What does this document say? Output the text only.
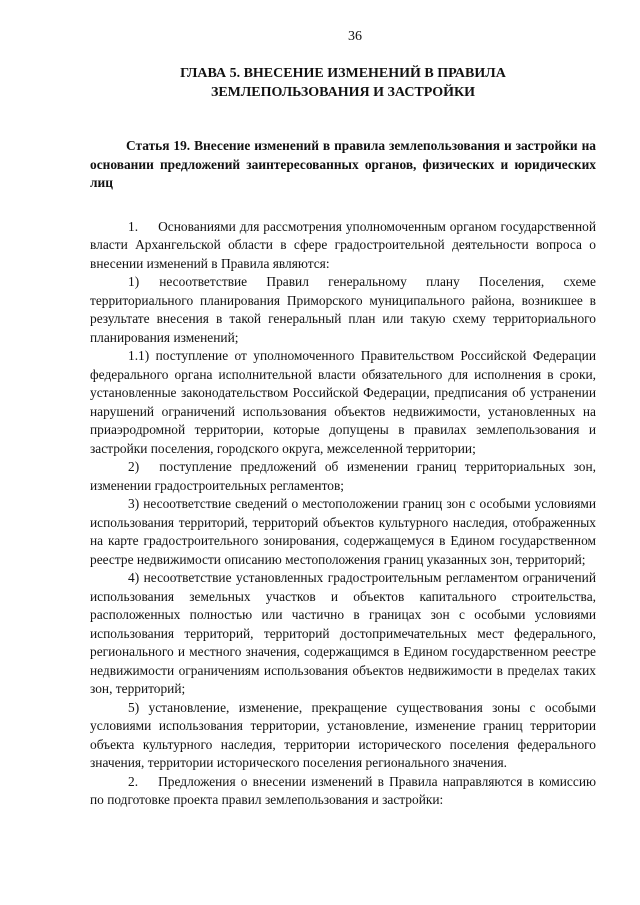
36
ГЛАВА 5. ВНЕСЕНИЕ ИЗМЕНЕНИЙ В ПРАВИЛА
ЗЕМЛЕПОЛЬЗОВАНИЯ И ЗАСТРОЙКИ

Статья 19. Внесение изменений в правила землепользования и застройки на основании предложений заинтересованных органов, физических и юридических лиц

1.  Основаниями для рассмотрения уполномоченным органом государственной власти Архангельской области в сфере градостроительной деятельности вопроса о внесении изменений в Правила являются:

1)  несоответствие Правил генеральному плану Поселения, схеме территориального планирования Приморского муниципального района, возникшее в результате внесения в такой генеральный план или такую схему территориального планирования изменений;

1.1) поступление от уполномоченного Правительством Российской Федерации федерального органа исполнительной власти обязательного для исполнения в сроки, установленные законодательством Российской Федерации, предписания об устранении нарушений ограничений использования объектов недвижимости, установленных на приаэродромной территории, которые допущены в правилах землепользования и застройки поселения, городского округа, межселенной территории;

2)  поступление предложений об изменении границ территориальных зон, изменении градостроительных регламентов;

3) несоответствие сведений о местоположении границ зон с особыми условиями использования территорий, территорий объектов культурного наследия, отображенных на карте градостроительного зонирования, содержащемуся в Едином государственном реестре недвижимости описанию местоположения границ указанных зон, территорий;

4) несоответствие установленных градостроительным регламентом ограничений использования земельных участков и объектов капитального строительства, расположенных полностью или частично в границах зон с особыми условиями использования территорий, территорий достопримечательных мест федерального, регионального и местного значения, содержащимся в Едином государственном реестре недвижимости ограничениям использования объектов недвижимости в пределах таких зон, территорий;

5) установление, изменение, прекращение существования зоны с особыми условиями использования территории, установление, изменение границ территории объекта культурного наследия, территории исторического поселения федерального значения, территории исторического поселения регионального значения.

2.  Предложения о внесении изменений в Правила направляются в комиссию по подготовке проекта правил землепользования и застройки:
